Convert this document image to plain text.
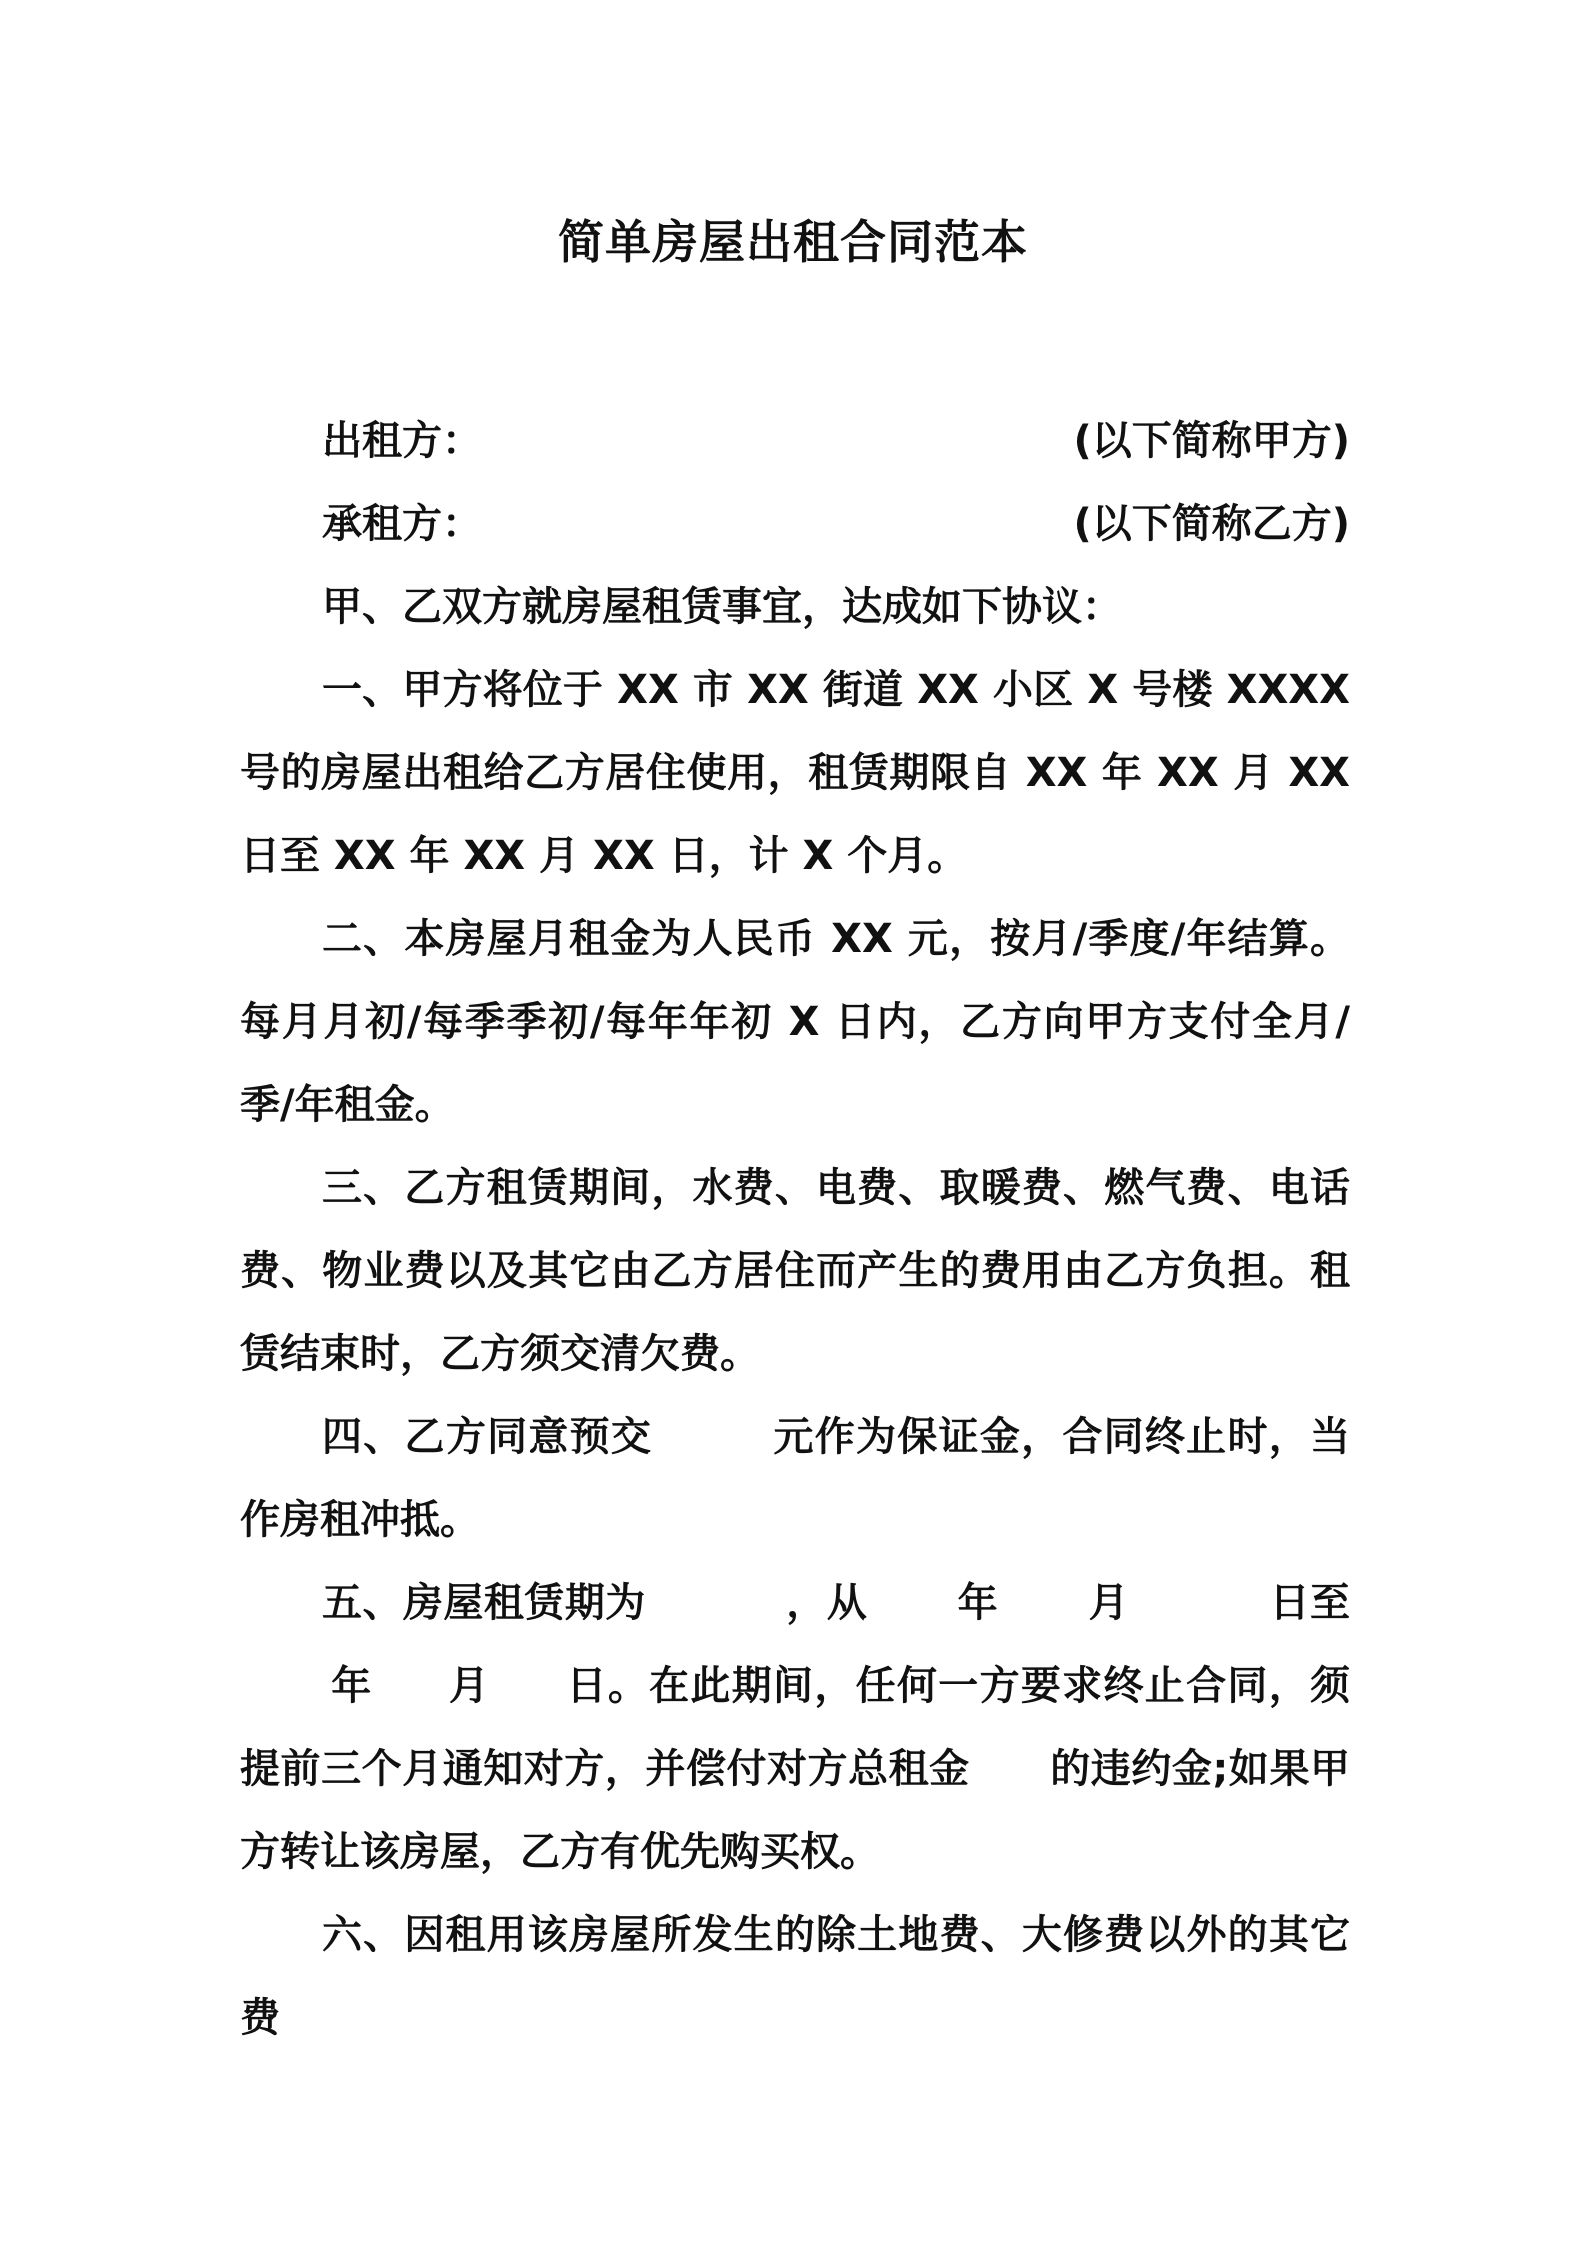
简单房屋出租合同范本
出租方：	(以下简称甲方)
承租方：	(以下简称乙方)

甲、乙双方就房屋租赁事宜，达成如下协议：

一、甲方将位于 XX 市 XX 街道 XX 小区 X 号楼 XXXX 号的房屋出租给乙方居住使用，租赁期限自 XX 年 XX 月 XX 日至 XX 年 XX 月 XX 日，计 X 个月。

二、本房屋月租金为人民币 XX 元，按月/季度/年结算。每月月初/每季季初/每年年初 X 日内，乙方向甲方支付全月/季/年租金。

三、乙方租赁期间，水费、电费、取暖费、燃气费、电话费、物业费以及其它由乙方居住而产生的费用由乙方负担。租赁结束时，乙方须交清欠费。

四、乙方同意预交	元作为保证金，合同终止时，当作房租冲抵。

五、房屋租赁期为	，从 年 月	日至年 月 日。在此期间，任何一方要求终止合同，须提前三个月通知对方，并偿付对方总租金 的违约金;如果甲方转让该房屋，乙方有优先购买权。

六、因租用该房屋所发生的除土地费、大修费以外的其它费
